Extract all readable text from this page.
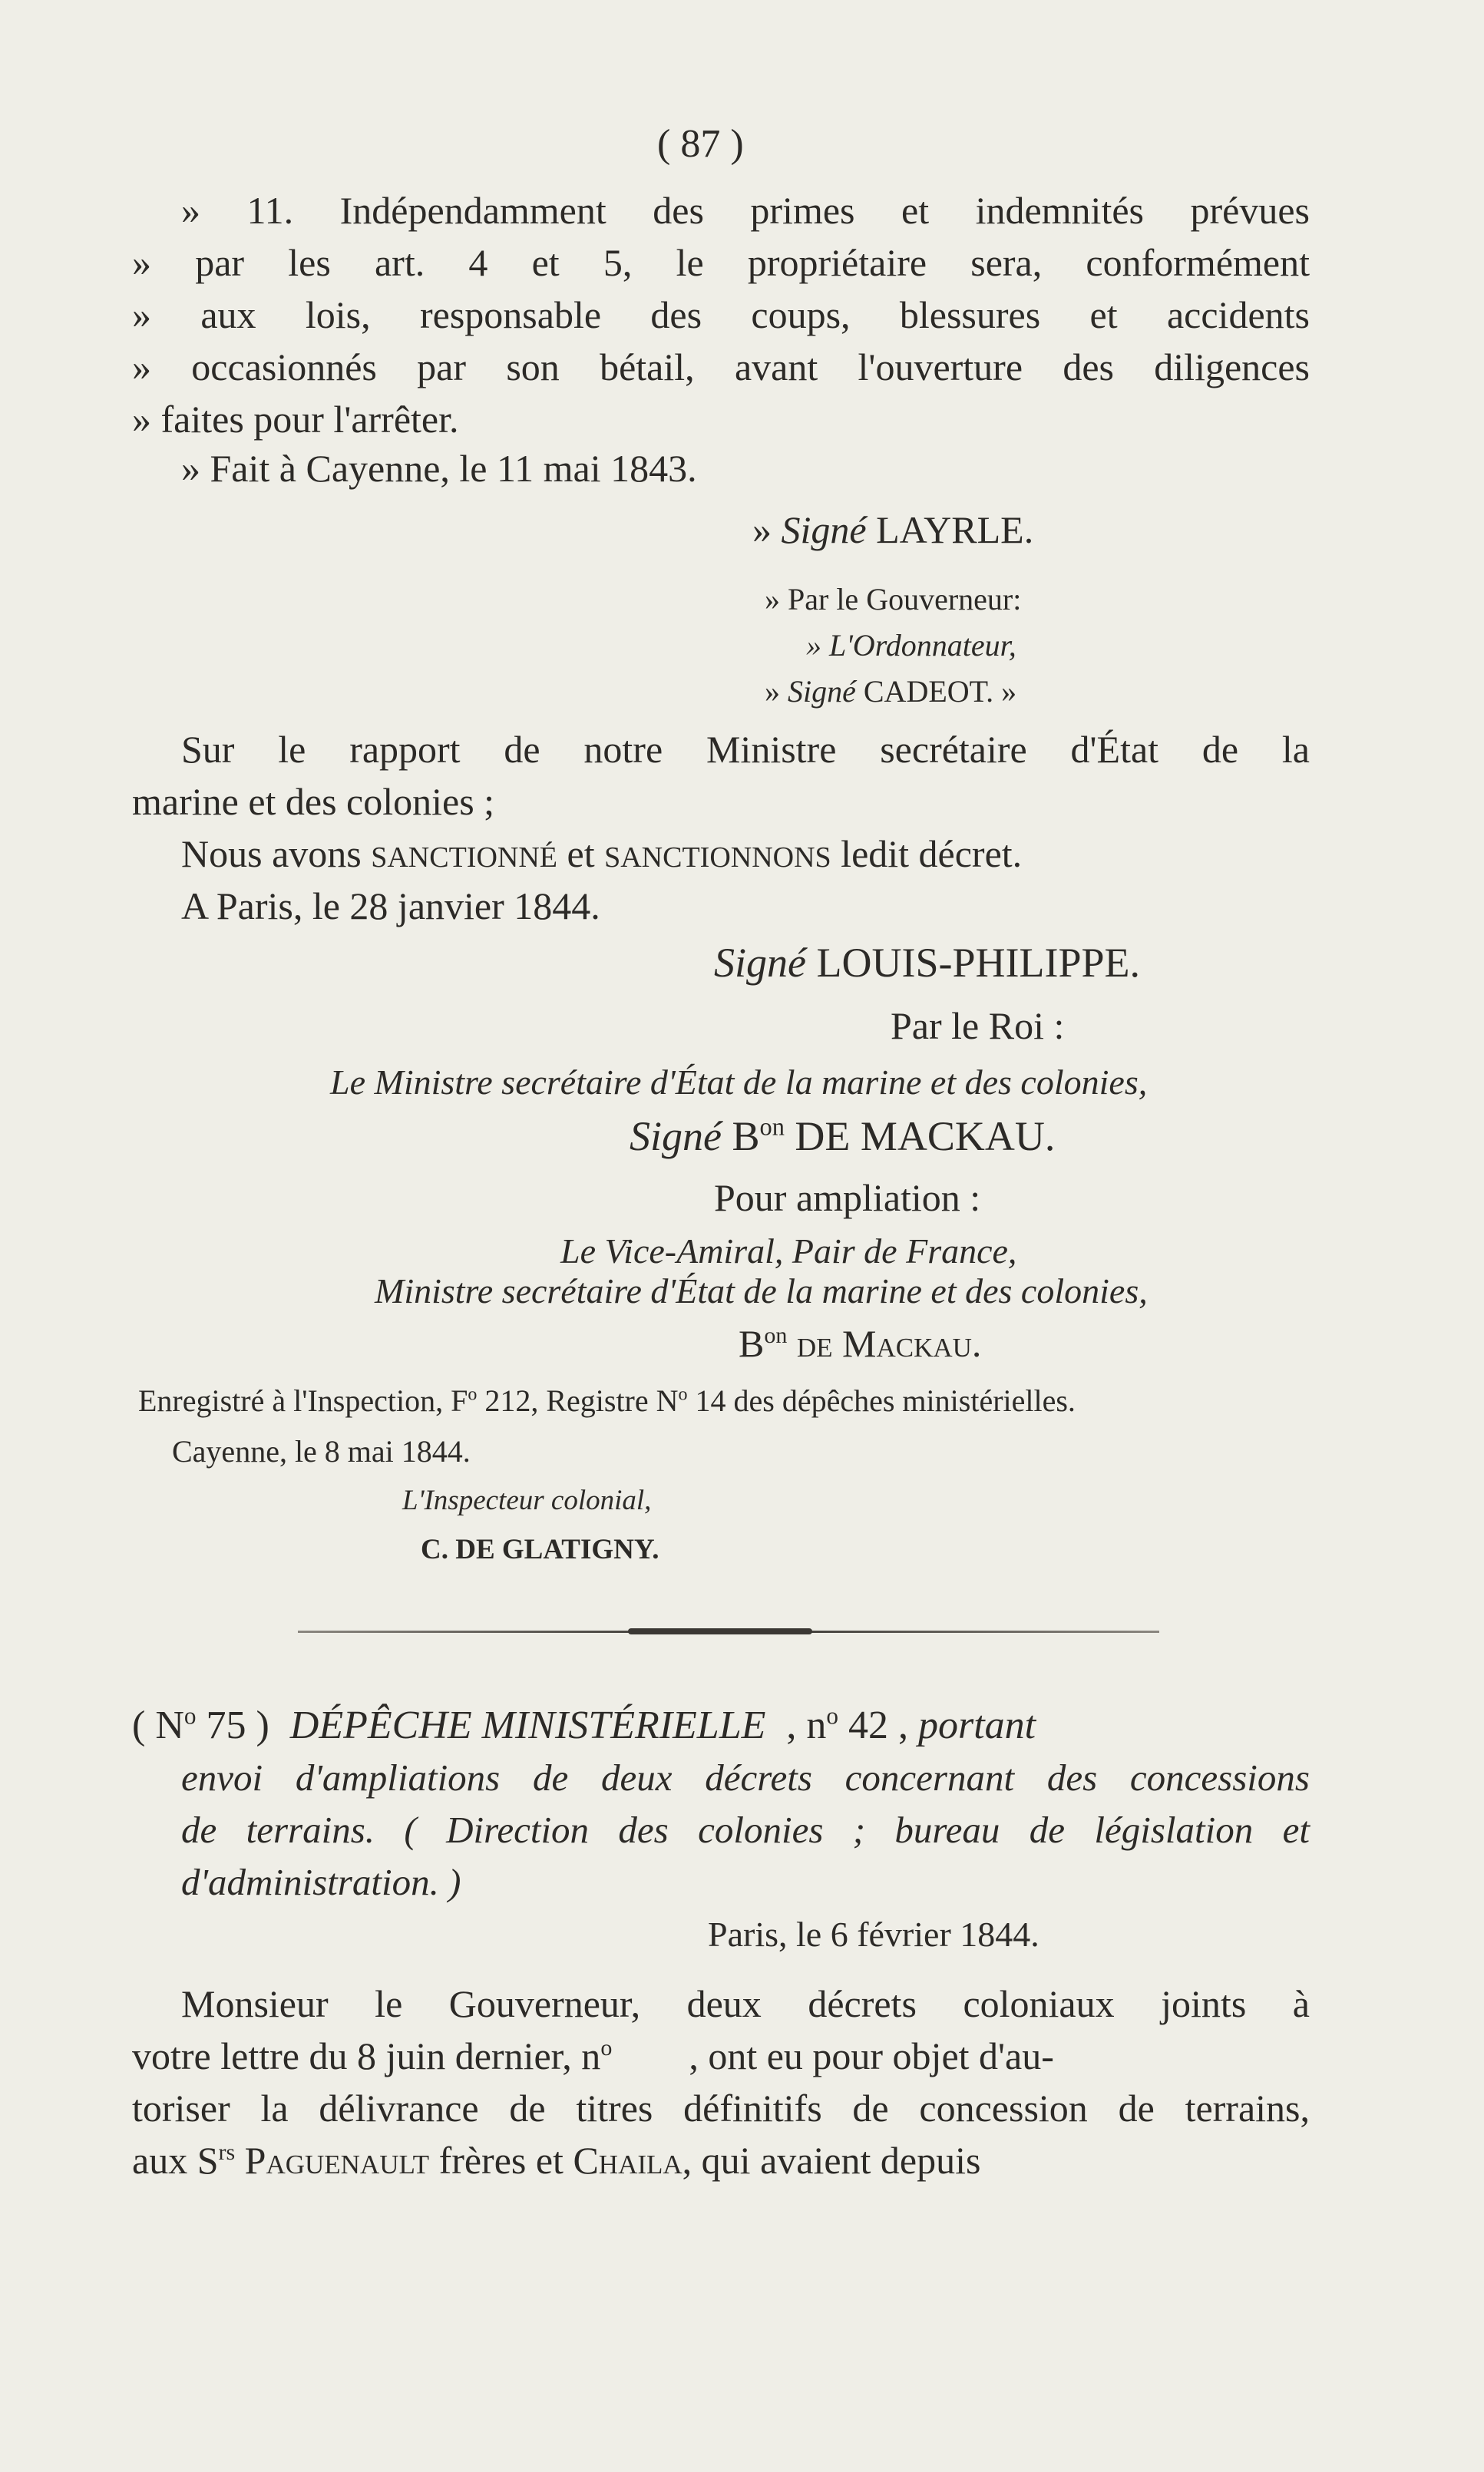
( 87 )
» 11. Indépendamment des primes et indemnités prévues
» par les art. 4 et 5, le propriétaire sera, conformément
» aux lois, responsable des coups, blessures et accidents
» occasionnés par son bétail, avant l'ouverture des diligences
» faites pour l'arrêter.
» Fait à Cayenne, le 11 mai 1843.
» Signé LAYRLE.
» Par le Gouverneur:
» L'Ordonnateur,
» Signé CADEOT. »
Sur le rapport de notre Ministre secrétaire d'État de la
marine et des colonies ;
Nous avons SANCTIONNÉ et SANCTIONNONS ledit décret.
A Paris, le 28 janvier 1844.
Signé LOUIS-PHILIPPE.
Par le Roi :
Le Ministre secrétaire d'État de la marine et des colonies,
Signé $B^{on}$ DE MACKAU.
Pour ampliation :
Le Vice-Amiral, Pair de France,
Ministre secrétaire d'État de la marine et des colonies,
$B^{on}$ de Mackau.
Enregistré à l'Inspection, $F^o$ 212, Registre $N^o$ 14 des dépêches ministérielles.
Cayenne, le 8 mai 1844.
L'Inspecteur colonial,
C. DE GLATIGNY.
( $N^o$ 75 ) DÉPÊCHE MINISTÉRIELLE , $n^o$ 42 , portant
envoi d'ampliations de deux décrets concernant des concessions
de terrains. ( Direction des colonies ; bureau de législation et
d'administration. )
Paris, le 6 février 1844.
Monsieur le Gouverneur, deux décrets coloniaux joints à
votre lettre du 8 juin dernier, $n^o$        , ont eu pour objet d'au-
toriser la délivrance de titres définitifs de concession de terrains,
aux $S^{rs}$ Paguenault frères et Chaila, qui avaient depuis
